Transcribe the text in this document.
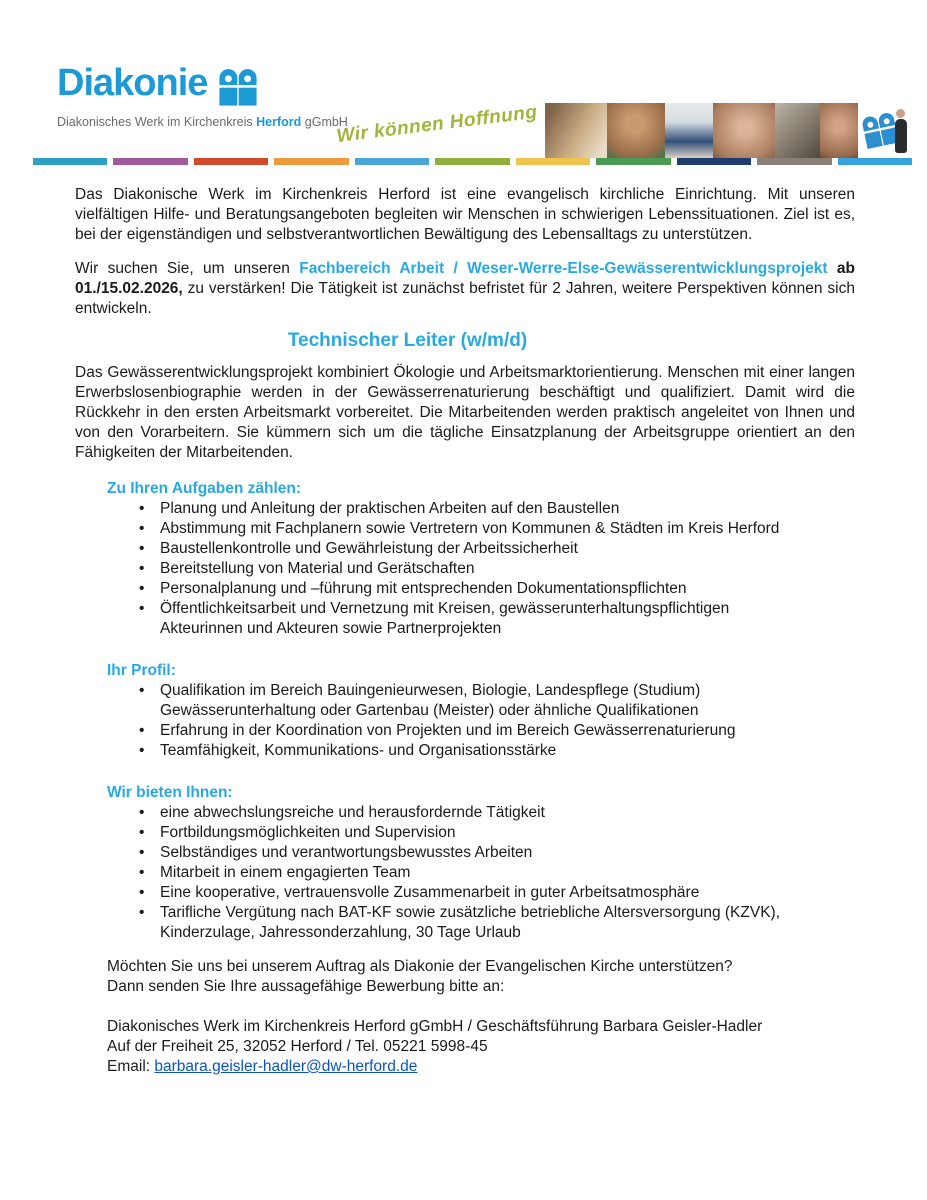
Diakonie
Diakonisches Werk im Kirchenkreis Herford gGmbH
Wir können Hoffnung

Das Diakonische Werk im Kirchenkreis Herford ist eine evangelisch kirchliche Einrichtung. Mit unseren vielfältigen Hilfe- und Beratungsangeboten begleiten wir Menschen in schwierigen Lebenssituationen. Ziel ist es, bei der eigenständigen und selbstverantwortlichen Bewältigung des Lebensalltags zu unterstützen.

Wir suchen Sie, um unseren Fachbereich Arbeit / Weser-Werre-Else-Gewässerentwicklungsprojekt ab 01./15.02.2026, zu verstärken! Die Tätigkeit ist zunächst befristet für 2 Jahren, weitere Perspektiven können sich entwickeln.

Technischer Leiter (w/m/d)

Das Gewässerentwicklungsprojekt kombiniert Ökologie und Arbeitsmarktorientierung. Menschen mit einer langen Erwerbslosenbiographie werden in der Gewässerrenaturierung beschäftigt und qualifiziert. Damit wird die Rückkehr in den ersten Arbeitsmarkt vorbereitet. Die Mitarbeitenden werden praktisch angeleitet von Ihnen und von den Vorarbeitern. Sie kümmern sich um die tägliche Einsatzplanung der Arbeitsgruppe orientiert an den Fähigkeiten der Mitarbeitenden.

Zu Ihren Aufgaben zählen:
• Planung und Anleitung der praktischen Arbeiten auf den Baustellen
• Abstimmung mit Fachplanern sowie Vertretern von Kommunen & Städten im Kreis Herford
• Baustellenkontrolle und Gewährleistung der Arbeitssicherheit
• Bereitstellung von Material und Gerätschaften
• Personalplanung und –führung mit entsprechenden Dokumentationspflichten
• Öffentlichkeitsarbeit und Vernetzung mit Kreisen, gewässerunterhaltungspflichtigen Akteurinnen und Akteuren sowie Partnerprojekten
Ihr Profil:
• Qualifikation im Bereich Bauingenieurwesen, Biologie, Landespflege (Studium) Gewässerunterhaltung oder Gartenbau (Meister) oder ähnliche Qualifikationen
• Erfahrung in der Koordination von Projekten und im Bereich Gewässerrenaturierung
• Teamfähigkeit, Kommunikations- und Organisationsstärke
Wir bieten Ihnen:
• eine abwechslungsreiche und herausfordernde Tätigkeit
• Fortbildungsmöglichkeiten und Supervision
• Selbständiges und verantwortungsbewusstes Arbeiten
• Mitarbeit in einem engagierten Team
• Eine kooperative, vertrauensvolle Zusammenarbeit in guter Arbeitsatmosphäre
• Tarifliche Vergütung nach BAT-KF sowie zusätzliche betriebliche Altersversorgung (KZVK), Kinderzulage, Jahressonderzahlung, 30 Tage Urlaub

Möchten Sie uns bei unserem Auftrag als Diakonie der Evangelischen Kirche unterstützen?
Dann senden Sie Ihre aussagefähige Bewerbung bitte an:

Diakonisches Werk im Kirchenkreis Herford gGmbH / Geschäftsführung Barbara Geisler-Hadler
Auf der Freiheit 25, 32052 Herford / Tel. 05221 5998-45
Email: barbara.geisler-hadler@dw-herford.de
